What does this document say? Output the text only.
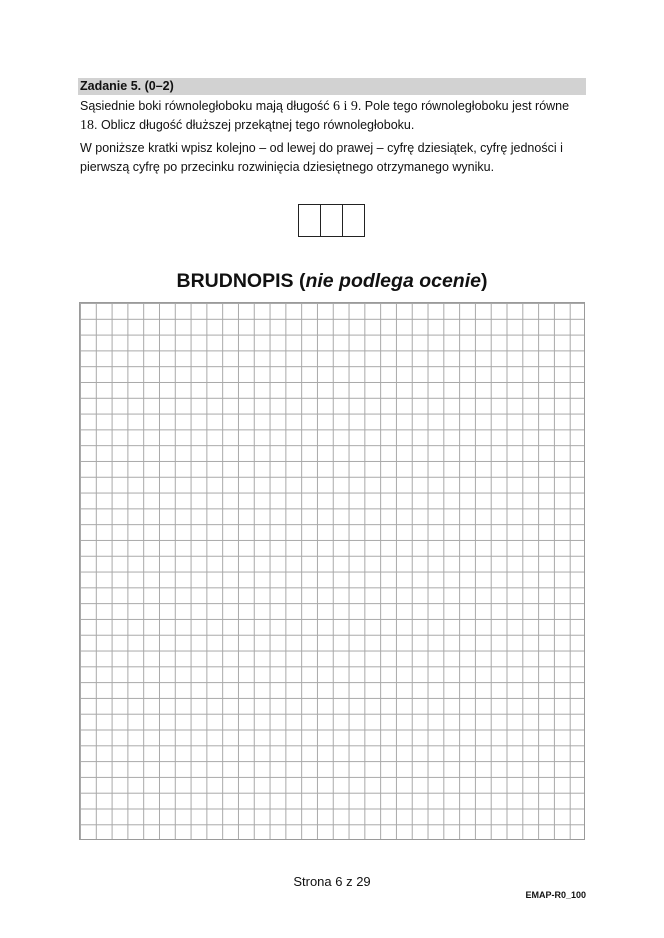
Zadanie 5. (0–2)

Sąsiednie boki równoległoboku mają długość 6 i 9. Pole tego równoległoboku jest równe 18. Oblicz długość dłuższej przekątnej tego równoległoboku.

W poniższe kratki wpisz kolejno – od lewej do prawej – cyfrę dziesiątek, cyfrę jedności i pierwszą cyfrę po przecinku rozwinięcia dziesiętnego otrzymanego wyniku.

BRUDNOPIS (nie podlega ocenie)
Strona 6 z 29
EMAP-R0_100
